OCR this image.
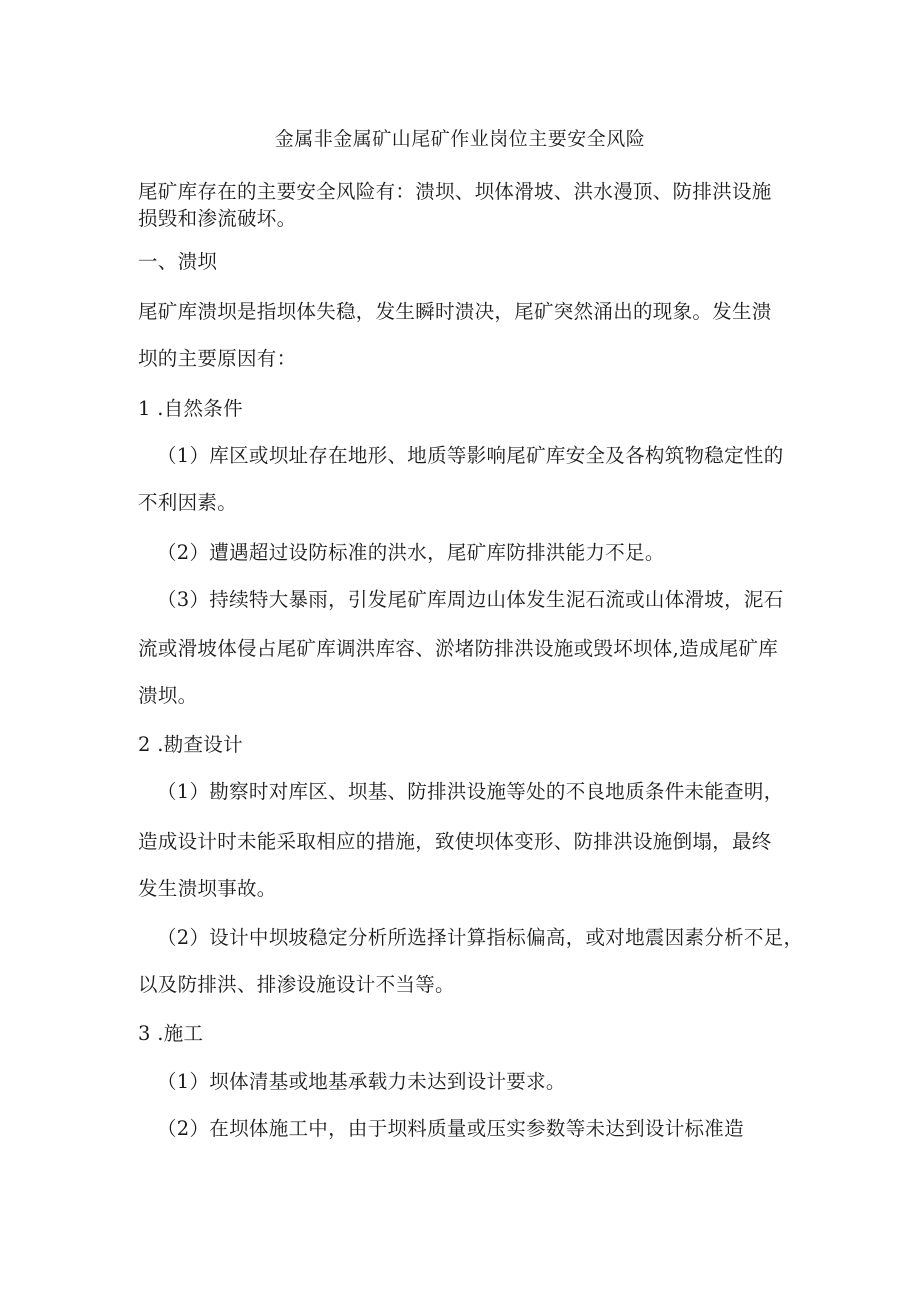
金属非金属矿山尾矿作业岗位主要安全风险
尾矿库存在的主要安全风险有：溃坝、坝体滑坡、洪水漫顶、防排洪设施
损毁和渗流破坏。
一、溃坝
尾矿库溃坝是指坝体失稳，发生瞬时溃决，尾矿突然涌出的现象。发生溃
坝的主要原因有：
1 .自然条件
（1）库区或坝址存在地形、地质等影响尾矿库安全及各构筑物稳定性的
不利因素。
（2）遭遇超过设防标准的洪水，尾矿库防排洪能力不足。
（3）持续特大暴雨，引发尾矿库周边山体发生泥石流或山体滑坡，泥石
流或滑坡体侵占尾矿库调洪库容、淤堵防排洪设施或毁坏坝体,造成尾矿库
溃坝。
2 .勘查设计
（1）勘察时对库区、坝基、防排洪设施等处的不良地质条件未能查明，
造成设计时未能采取相应的措施，致使坝体变形、防排洪设施倒塌，最终
发生溃坝事故。
（2）设计中坝坡稳定分析所选择计算指标偏高，或对地震因素分析不足，
以及防排洪、排渗设施设计不当等。
3 .施工
（1）坝体清基或地基承载力未达到设计要求。
（2）在坝体施工中，由于坝料质量或压实参数等未达到设计标准造
